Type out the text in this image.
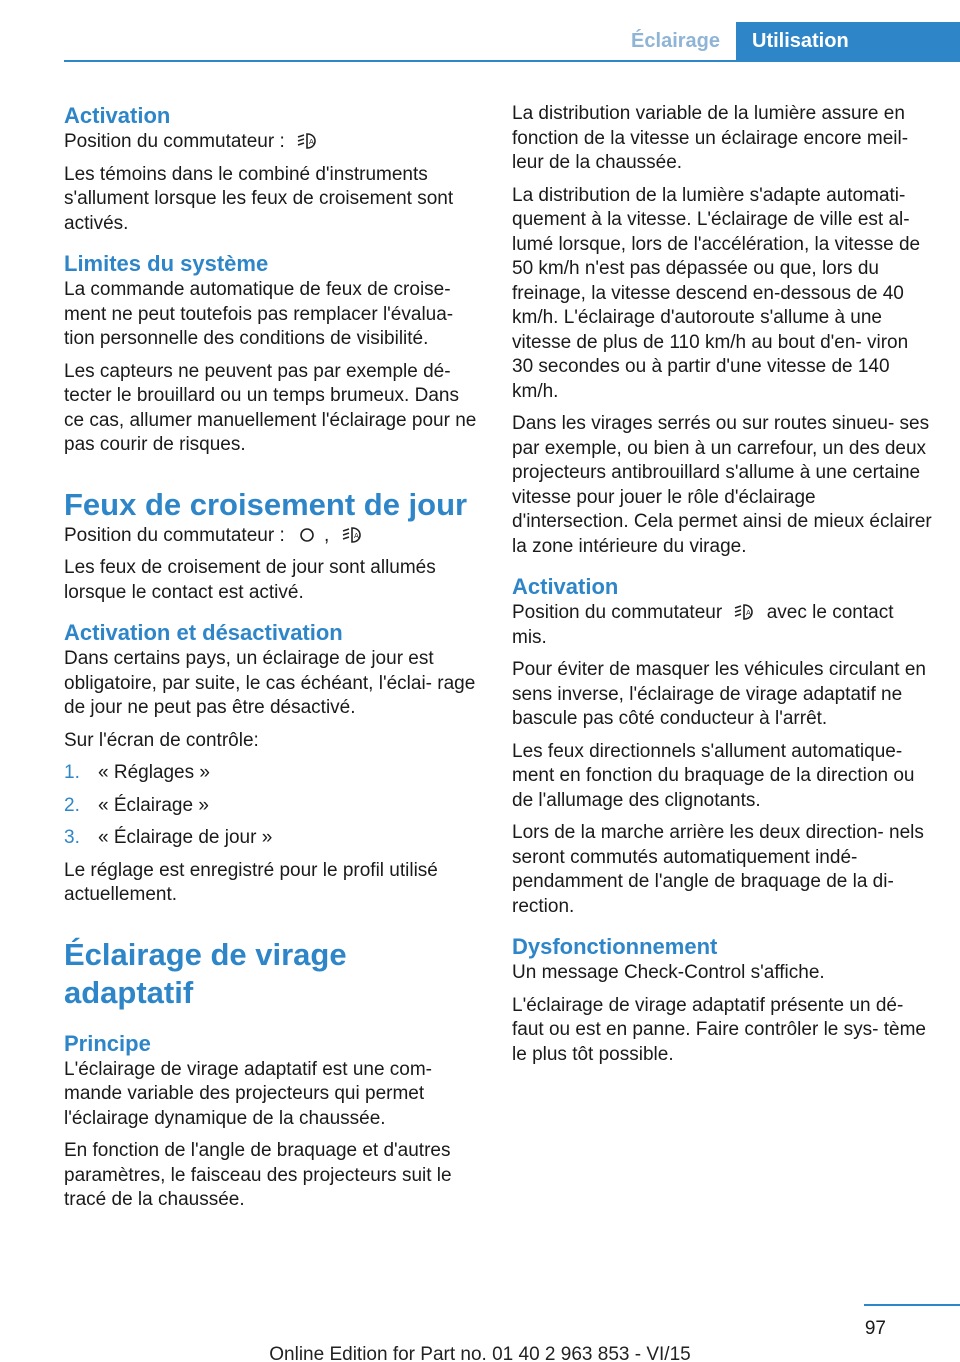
Éclairage	Utilisation
Activation

Position du commutateur :	A

Les témoins dans le combiné d'instruments s'allument lorsque les feux de croisement sont activés.

Limites du système

La commande automatique de feux de croise‐ ment ne peut toutefois pas remplacer l'évalua‐ tion personnelle des conditions de visibilité.

Les capteurs ne peuvent pas par exemple dé‐ tecter le brouillard ou un temps brumeux. Dans ce cas, allumer manuellement l'éclairage pour ne pas courir de risques.

Feux de croisement de jour

Position du commutateur : ,	A

Les feux de croisement de jour sont allumés lorsque le contact est activé.

Activation et désactivation

Dans certains pays, un éclairage de jour est obligatoire, par suite, le cas échéant, l'éclai‐ rage de jour ne peut pas être désactivé.

Sur l'écran de contrôle:

1. « Réglages »
2. « Éclairage »
3. « Éclairage de jour »

Le réglage est enregistré pour le profil utilisé actuellement.

Éclairage de virage adaptatif
Principe

L'éclairage de virage adaptatif est une com‐ mande variable des projecteurs qui permet l'éclairage dynamique de la chaussée.

En fonction de l'angle de braquage et d'autres paramètres, le faisceau des projecteurs suit le tracé de la chaussée.

La distribution variable de la lumière assure en fonction de la vitesse un éclairage encore meil‐ leur de la chaussée.

La distribution de la lumière s'adapte automati‐ quement à la vitesse. L'éclairage de ville est al‐ lumé lorsque, lors de l'accélération, la vitesse de 50 km/h n'est pas dépassée ou que, lors du freinage, la vitesse descend en-dessous de 40 km/h. L'éclairage d'autoroute s'allume à une vitesse de plus de 110 km/h au bout d'en‐ viron 30 secondes ou à partir d'une vitesse de 140 km/h.

Dans les virages serrés ou sur routes sinueu‐ ses par exemple, ou bien à un carrefour, un des deux projecteurs antibrouillard s'allume à une certaine vitesse pour jouer le rôle d'éclairage d'intersection. Cela permet ainsi de mieux éclairer la zone intérieure du virage.

Activation

Position du commutateur	A avec le contact mis.

Pour éviter de masquer les véhicules circulant en sens inverse, l'éclairage de virage adaptatif ne bascule pas côté conducteur à l'arrêt.

Les feux directionnels s'allument automatique‐ ment en fonction du braquage de la direction ou de l'allumage des clignotants.

Lors de la marche arrière les deux direction‐ nels seront commutés automatiquement indé‐ pendamment de l'angle de braquage de la di‐ rection.

Dysfonctionnement

Un message Check-Control s'affiche.

L'éclairage de virage adaptatif présente un dé‐ faut ou est en panne. Faire contrôler le sys‐ tème le plus tôt possible.

97
Online Edition for Part no. 01 40 2 963 853 - VI/15
